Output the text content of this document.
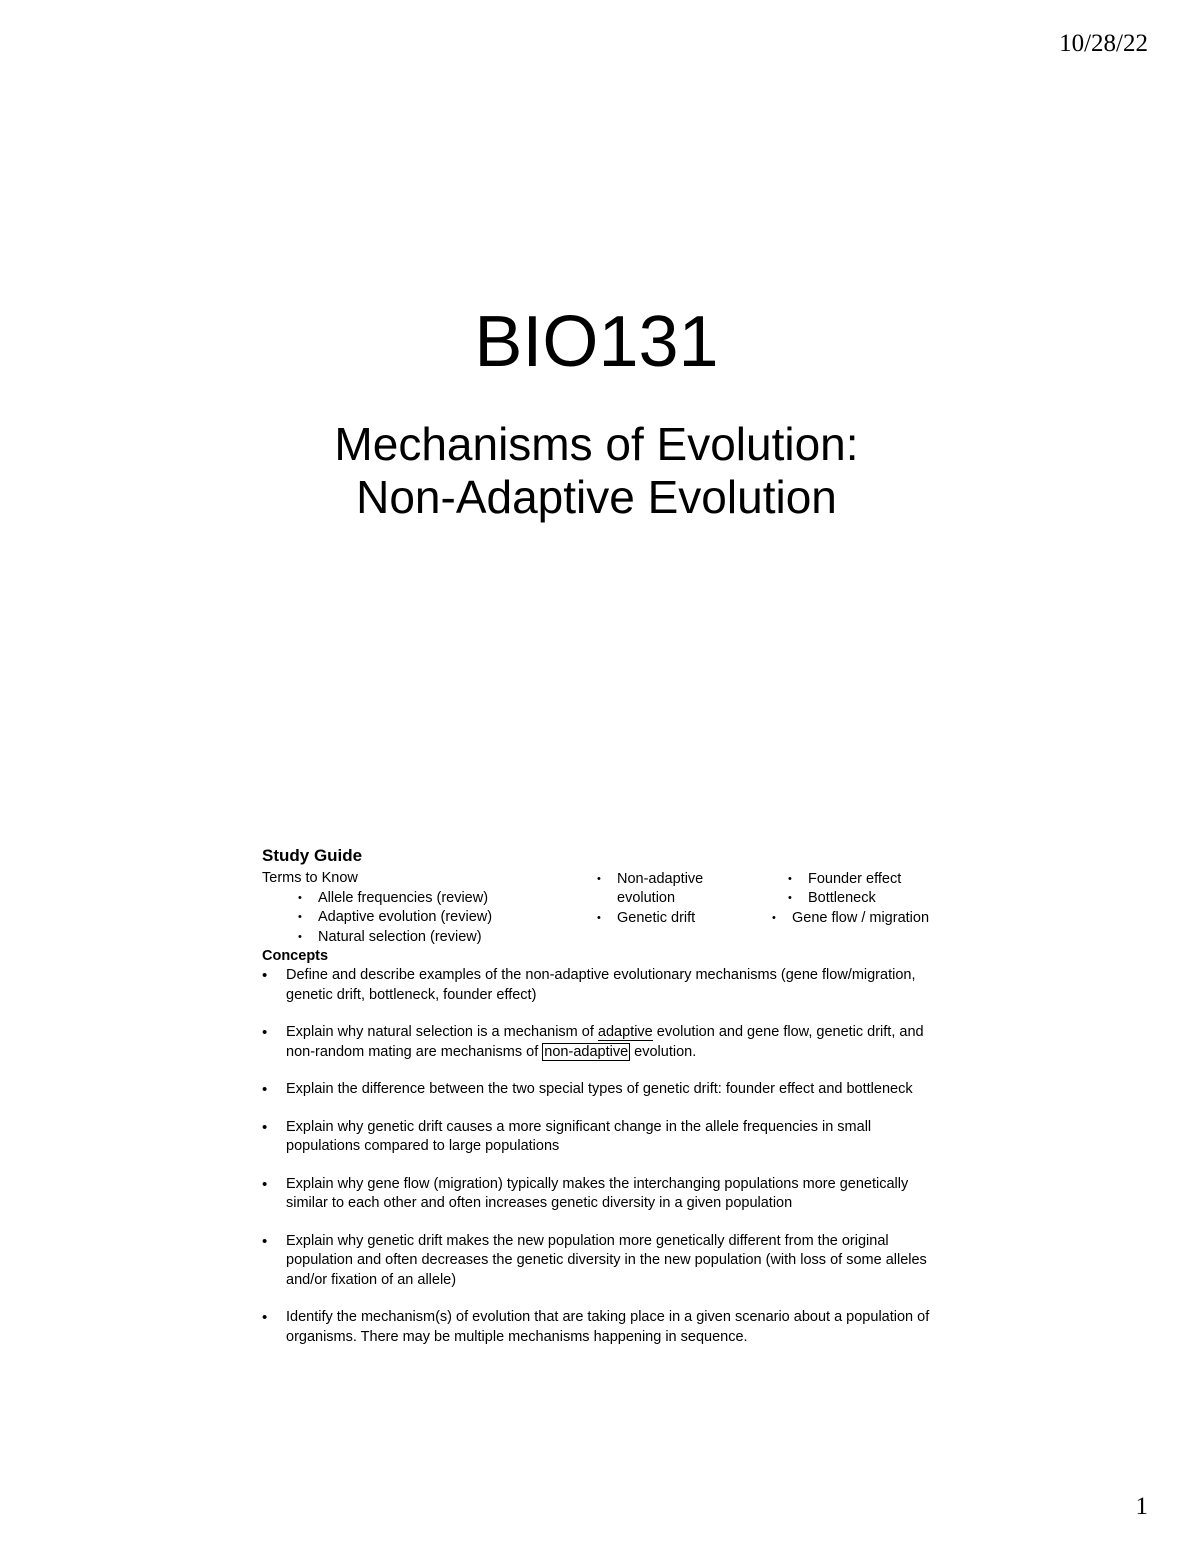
10/28/22
BIO131
Mechanisms of Evolution:
Non-Adaptive Evolution
Study Guide
Terms to Know
• Allele frequencies (review)
• Adaptive evolution (review)
• Natural selection (review)
• Non-adaptive evolution
• Genetic drift
• Founder effect
• Bottleneck
• Gene flow / migration
Concepts
• Define and describe examples of the non-adaptive evolutionary mechanisms (gene flow/migration, genetic drift, bottleneck, founder effect)
• Explain why natural selection is a mechanism of adaptive evolution and gene flow, genetic drift, and non-random mating are mechanisms of non-adaptive evolution.
• Explain the difference between the two special types of genetic drift: founder effect and bottleneck
• Explain why genetic drift causes a more significant change in the allele frequencies in small populations compared to large populations
• Explain why gene flow (migration) typically makes the interchanging populations more genetically similar to each other and often increases genetic diversity in a given population
• Explain why genetic drift makes the new population more genetically different from the original population and often decreases the genetic diversity in the new population (with loss of some alleles and/or fixation of an allele)
• Identify the mechanism(s) of evolution that are taking place in a given scenario about a population of organisms. There may be multiple mechanisms happening in sequence.
1
